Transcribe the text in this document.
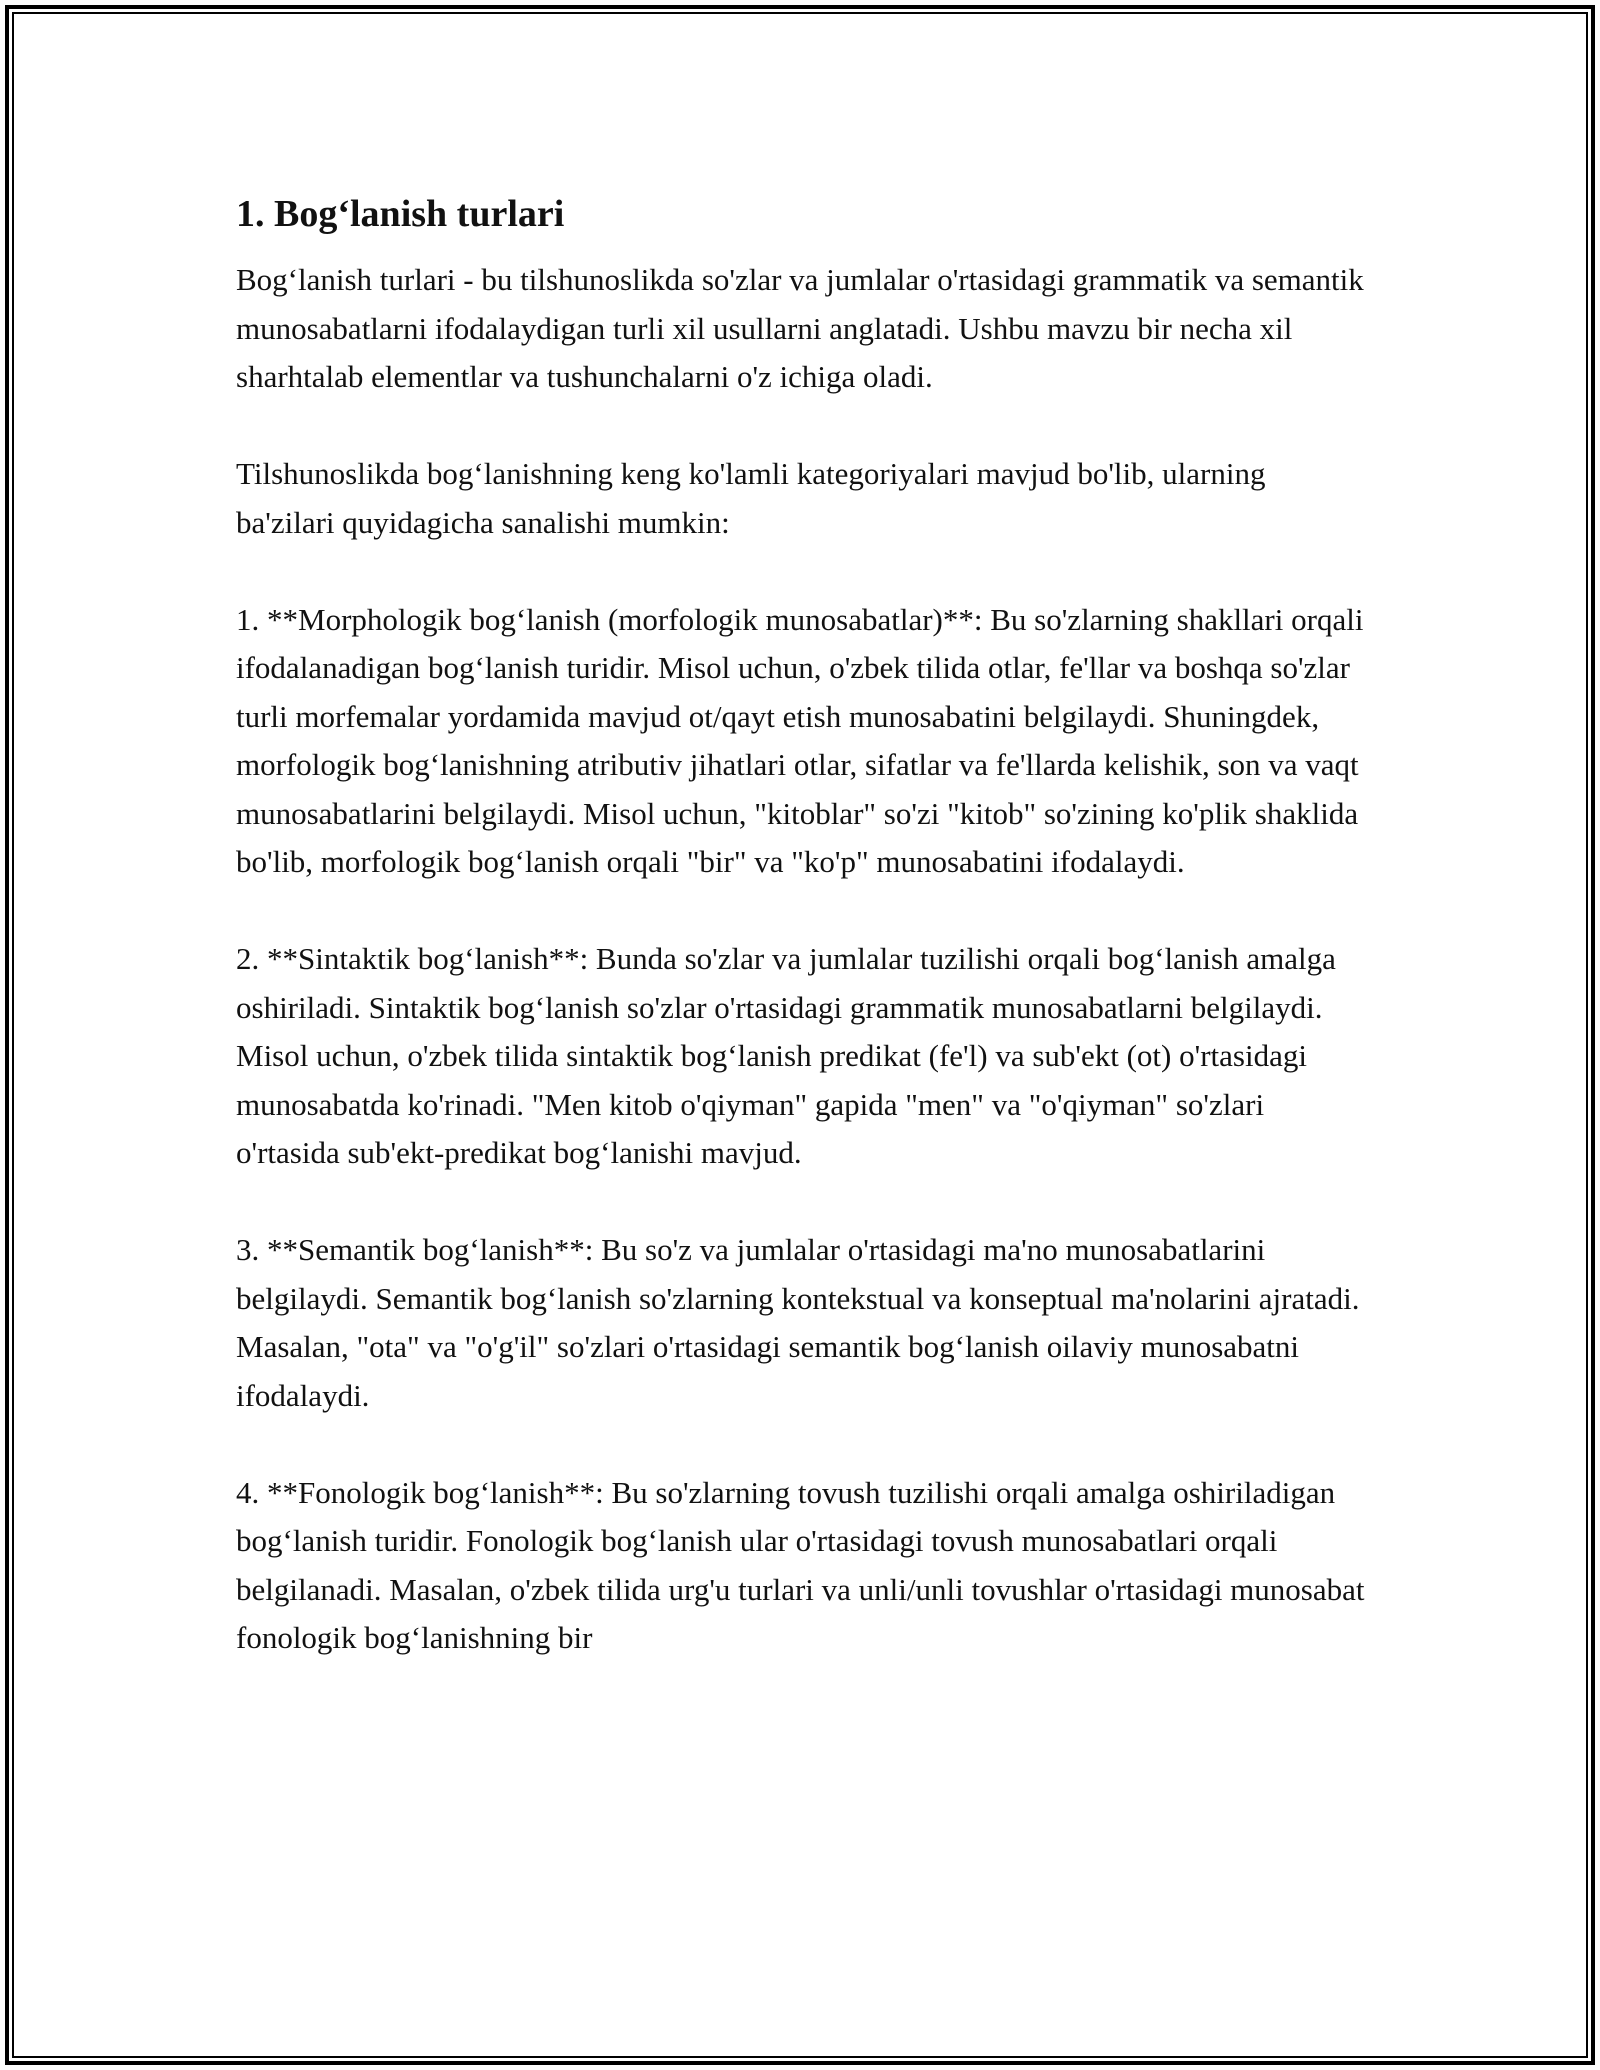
1. Bog‘lanish turlari

Bog‘lanish turlari - bu tilshunoslikda so'zlar va jumlalar o'rtasidagi grammatik va semantik munosabatlarni ifodalaydigan turli xil usullarni anglatadi. Ushbu mavzu bir necha xil sharhtalab elementlar va tushunchalarni o'z ichiga oladi.

Tilshunoslikda bog‘lanishning keng ko'lamli kategoriyalari mavjud bo'lib, ularning ba'zilari quyidagicha sanalishi mumkin:

1. **Morphologik bog‘lanish (morfologik munosabatlar)**: Bu so'zlarning shakllari orqali ifodalanadigan bog‘lanish turidir. Misol uchun, o'zbek tilida otlar, fe'llar va boshqa so'zlar turli morfemalar yordamida mavjud ot/qayt etish munosabatini belgilaydi. Shuningdek, morfologik bog‘lanishning atributiv jihatlari otlar, sifatlar va fe'llarda kelishik, son va vaqt munosabatlarini belgilaydi. Misol uchun, "kitoblar" so'zi "kitob" so'zining ko'plik shaklida bo'lib, morfologik bog‘lanish orqali "bir" va "ko'p" munosabatini ifodalaydi.

2. **Sintaktik bog‘lanish**: Bunda so'zlar va jumlalar tuzilishi orqali bog‘lanish amalga oshiriladi. Sintaktik bog‘lanish so'zlar o'rtasidagi grammatik munosabatlarni belgilaydi. Misol uchun, o'zbek tilida sintaktik bog‘lanish predikat (fe'l) va sub'ekt (ot) o'rtasidagi munosabatda ko'rinadi. "Men kitob o'qiyman" gapida "men" va "o'qiyman" so'zlari o'rtasida sub'ekt-predikat bog‘lanishi mavjud.

3. **Semantik bog‘lanish**: Bu so'z va jumlalar o'rtasidagi ma'no munosabatlarini belgilaydi. Semantik bog‘lanish so'zlarning kontekstual va konseptual ma'nolarini ajratadi. Masalan, "ota" va "o'g'il" so'zlari o'rtasidagi semantik bog‘lanish oilaviy munosabatni ifodalaydi.

4. **Fonologik bog‘lanish**: Bu so'zlarning tovush tuzilishi orqali amalga oshiriladigan bog‘lanish turidir. Fonologik bog‘lanish ular o'rtasidagi tovush munosabatlari orqali belgilanadi. Masalan, o'zbek tilida urg'u turlari va unli/unli tovushlar o'rtasidagi munosabat fonologik bog‘lanishning bir
